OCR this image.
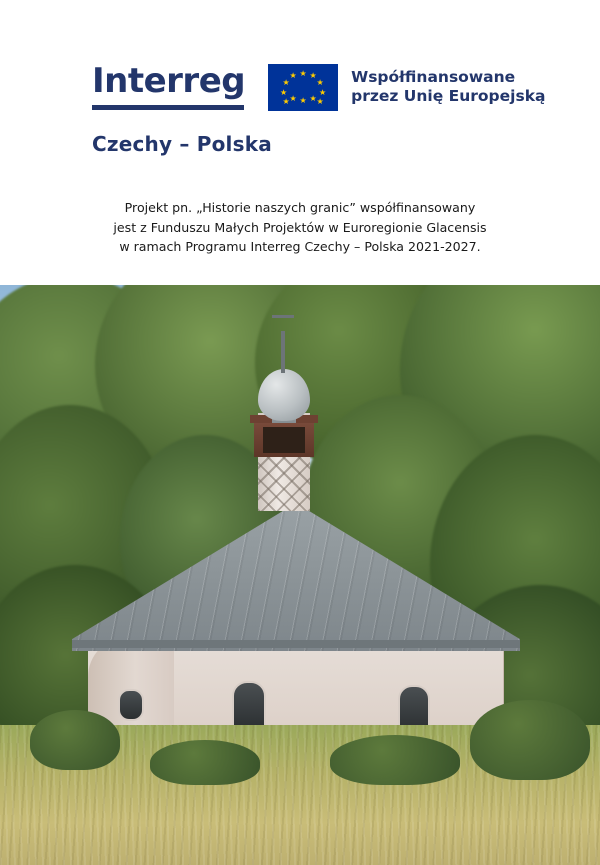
Interreg	★ ★
★
★
★
★
★
★
★
★
★
★	Współfinansowane
przez Unię Europejską
Czechy – Polska
Projekt pn. „Historie naszych granic” współfinansowany
jest z Funduszu Małych Projektów w Euroregionie Glacensis
w ramach Programu Interreg Czechy – Polska 2021-2027.
